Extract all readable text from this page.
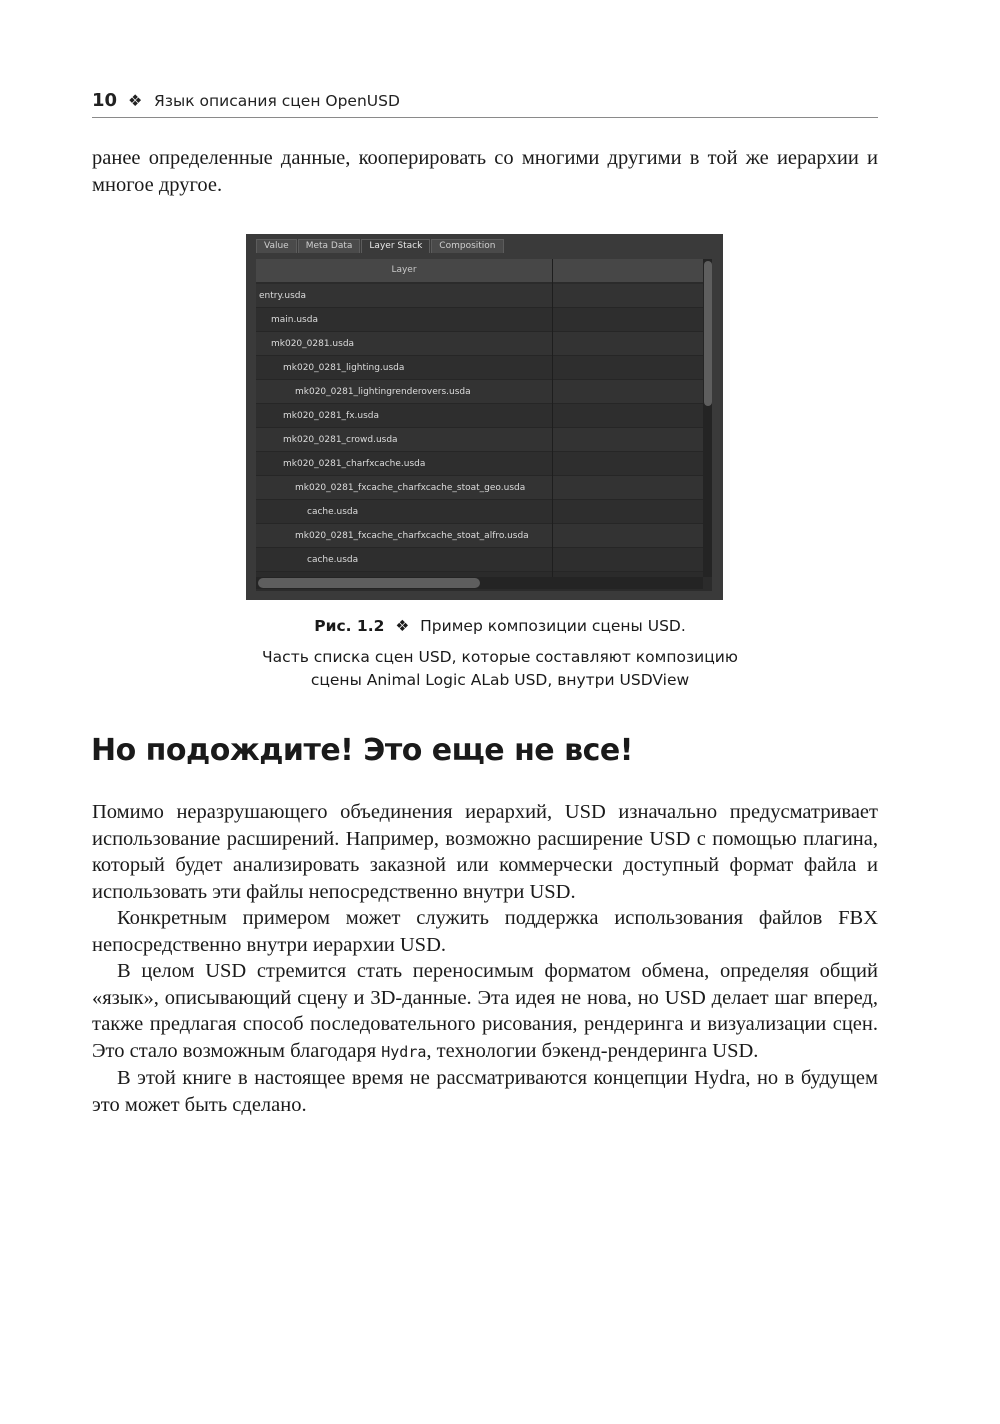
10 ❖ Язык описания сцен OpenUSD
ранее определенные данные, кооперировать со многими другими в той же иерархии и многое другое.
Value	Meta Data	Layer Stack	Composition
Layer
entry.usda
main.usda
mk020_0281.usda
mk020_0281_lighting.usda
mk020_0281_lightingrenderovers.usda
mk020_0281_fx.usda
mk020_0281_crowd.usda
mk020_0281_charfxcache.usda
mk020_0281_fxcache_charfxcache_stoat_geo.usda
cache.usda
mk020_0281_fxcache_charfxcache_stoat_alfro.usda
cache.usda
Рис. 1.2 ❖ Пример композиции сцены USD.
Часть списка сцен USD, которые составляют композицию
сцены Animal Logic ALab USD, внутри USDView
Но подождите! Это еще не все!

Помимо неразрушающего объединения иерархий, USD изначально предусматривает использование расширений. Например, возможно расширение USD с помощью плагина, который будет анализировать заказной или коммерчески доступный формат файла и использовать эти файлы непосредственно внутри USD.

Конкретным примером может служить поддержка использования файлов FBX непосредственно внутри иерархии USD.

В целом USD стремится стать переносимым форматом обмена, определяя общий «язык», описывающий сцену и 3D-данные. Эта идея не нова, но USD делает шаг вперед, также предлагая способ последовательного рисования, рендеринга и визуализации сцен. Это стало возможным благодаря Hydra, технологии бэкенд-рендеринга USD.

В этой книге в настоящее время не рассматриваются концепции Hydra, но в будущем это может быть сделано.
